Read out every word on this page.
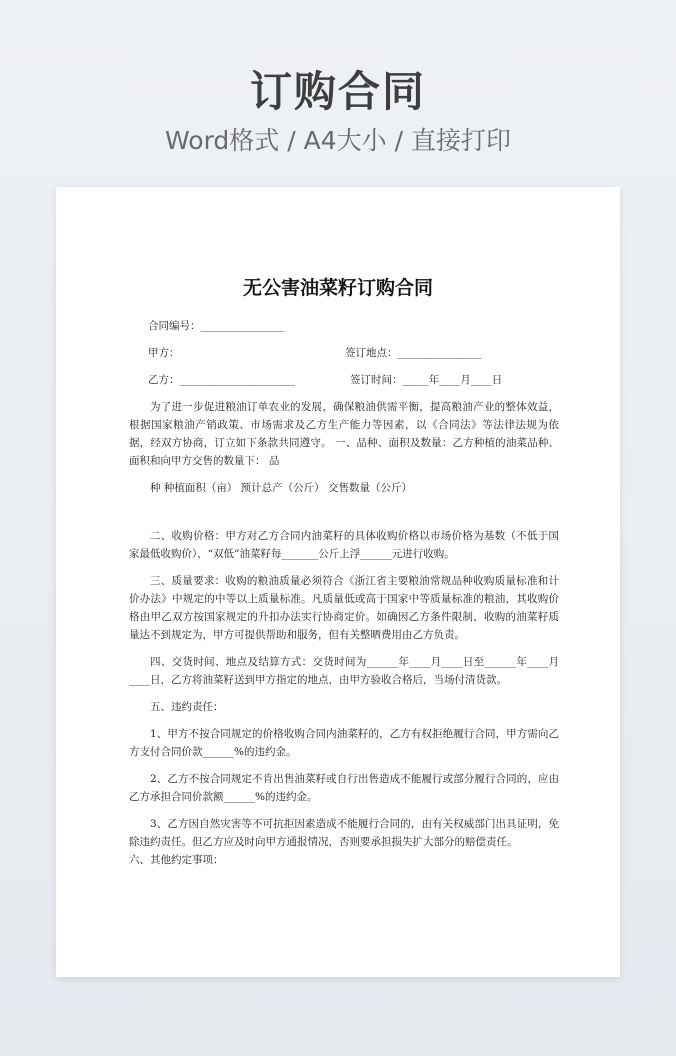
订购合同
Word格式 / A4大小 / 直接打印
无公害油菜籽订购合同
合同编号：________________
甲方：	签订地点：________________
乙方：______________________	签订时间：_____年____月____日

为了进一步促进粮油订单农业的发展，确保粮油供需平衡，提高粮油产业的整体效益，根据国家粮油产销政策、市场需求及乙方生产能力等因素，以《合同法》等法律法规为依据，经双方协商，订立如下条款共同遵守。 一、品种、面积及数量：乙方种植的油菜品种、面积和向甲方交售的数量下： 品

种 种植面积（亩） 预计总产（公斤） 交售数量（公斤）

二、收购价格：甲方对乙方合同内油菜籽的具体收购价格以市场价格为基数（不低于国家最低收购价），“双低”油菜籽每_______公斤上浮______元进行收购。

三、质量要求：收购的粮油质量必须符合《浙江省主要粮油常规品种收购质量标准和计价办法》中规定的中等以上质量标准。凡质量低或高于国家中等质量标准的粮油，其收购价格由甲乙双方按国家规定的升扣办法实行协商定价。如确因乙方条件限制，收购的油菜籽质量达不到规定为，甲方可提供帮助和服务，但有关整晒费用由乙方负责。

四、交货时间、地点及结算方式：交货时间为______年____月____日至______年____月____日，乙方将油菜籽送到甲方指定的地点，由甲方验收合格后，当场付清货款。

五、违约责任：

1、甲方不按合同规定的价格收购合同内油菜籽的，乙方有权拒绝履行合同，甲方需向乙方支付合同价款______%的违约金。

2、乙方不按合同规定不肯出售油菜籽或自行出售造成不能履行或部分履行合同的，应由乙方承担合同价款额______%的违约金。

3、乙方因自然灾害等不可抗拒因素造成不能履行合同的，由有关权威部门出具证明，免除违约责任。但乙方应及时向甲方通报情况，否则要承担损失扩大部分的赔偿责任。

六、其他约定事项：
